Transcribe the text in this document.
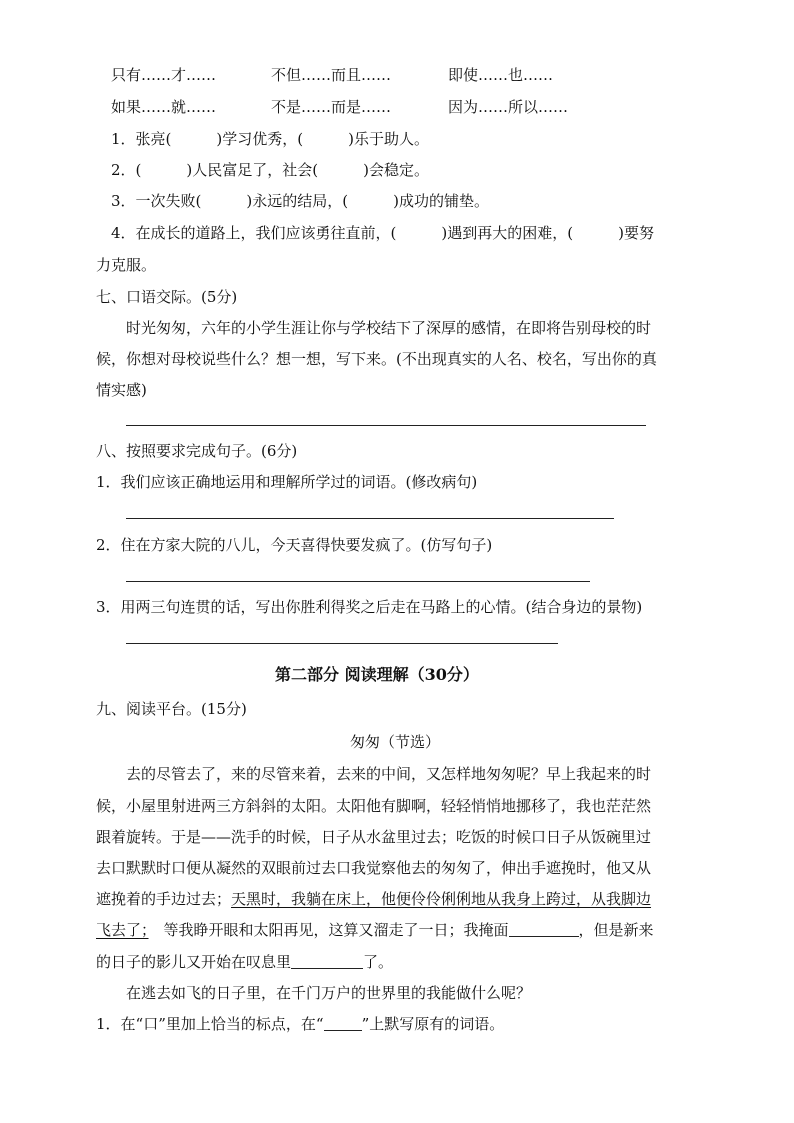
只有……才……	不但……而且……	即使……也……
如果……就……	不是……而是……	因为……所以……
1．张亮(　　　)学习优秀，(　　　)乐于助人。
2．(　　　)人民富足了，社会(　　　)会稳定。
3．一次失败(　　　)永远的结局，(　　　)成功的铺垫。
4．在成长的道路上，我们应该勇往直前，(　　　)遇到再大的困难，(　　　)要努
力克服。
七、口语交际。(5分)
时光匆匆，六年的小学生涯让你与学校结下了深厚的感情，在即将告别母校的时
候，你想对母校说些什么？想一想，写下来。(不出现真实的人名、校名，写出你的真
情实感)
八、按照要求完成句子。(6分)
1．我们应该正确地运用和理解所学过的词语。(修改病句)
2．住在方家大院的八儿，今天喜得快要发疯了。(仿写句子)
3．用两三句连贯的话，写出你胜利得奖之后走在马路上的心情。(结合身边的景物)
第二部分 阅读理解（30分）
九、阅读平台。(15分)
匆匆（节选）
去的尽管去了，来的尽管来着，去来的中间，又怎样地匆匆呢？早上我起来的时
候，小屋里射进两三方斜斜的太阳。太阳他有脚啊，轻轻悄悄地挪移了，我也茫茫然
跟着旋转。于是——洗手的时候，日子从水盆里过去；吃饭的时候口日子从饭碗里过
去口默默时口便从凝然的双眼前过去口我觉察他去的匆匆了，伸出手遮挽时，他又从
遮挽着的手边过去；天黑时，我躺在床上，他便伶伶俐俐地从我身上跨过，从我脚边
飞去了；　等我睁开眼和太阳再见，这算又溜走了一日；我掩面	，但是新来
的日子的影儿又开始在叹息里	了。
在逃去如飞的日子里，在千门万户的世界里的我能做什么呢？
1．在“口”里加上恰当的标点，在“	”上默写原有的词语。
